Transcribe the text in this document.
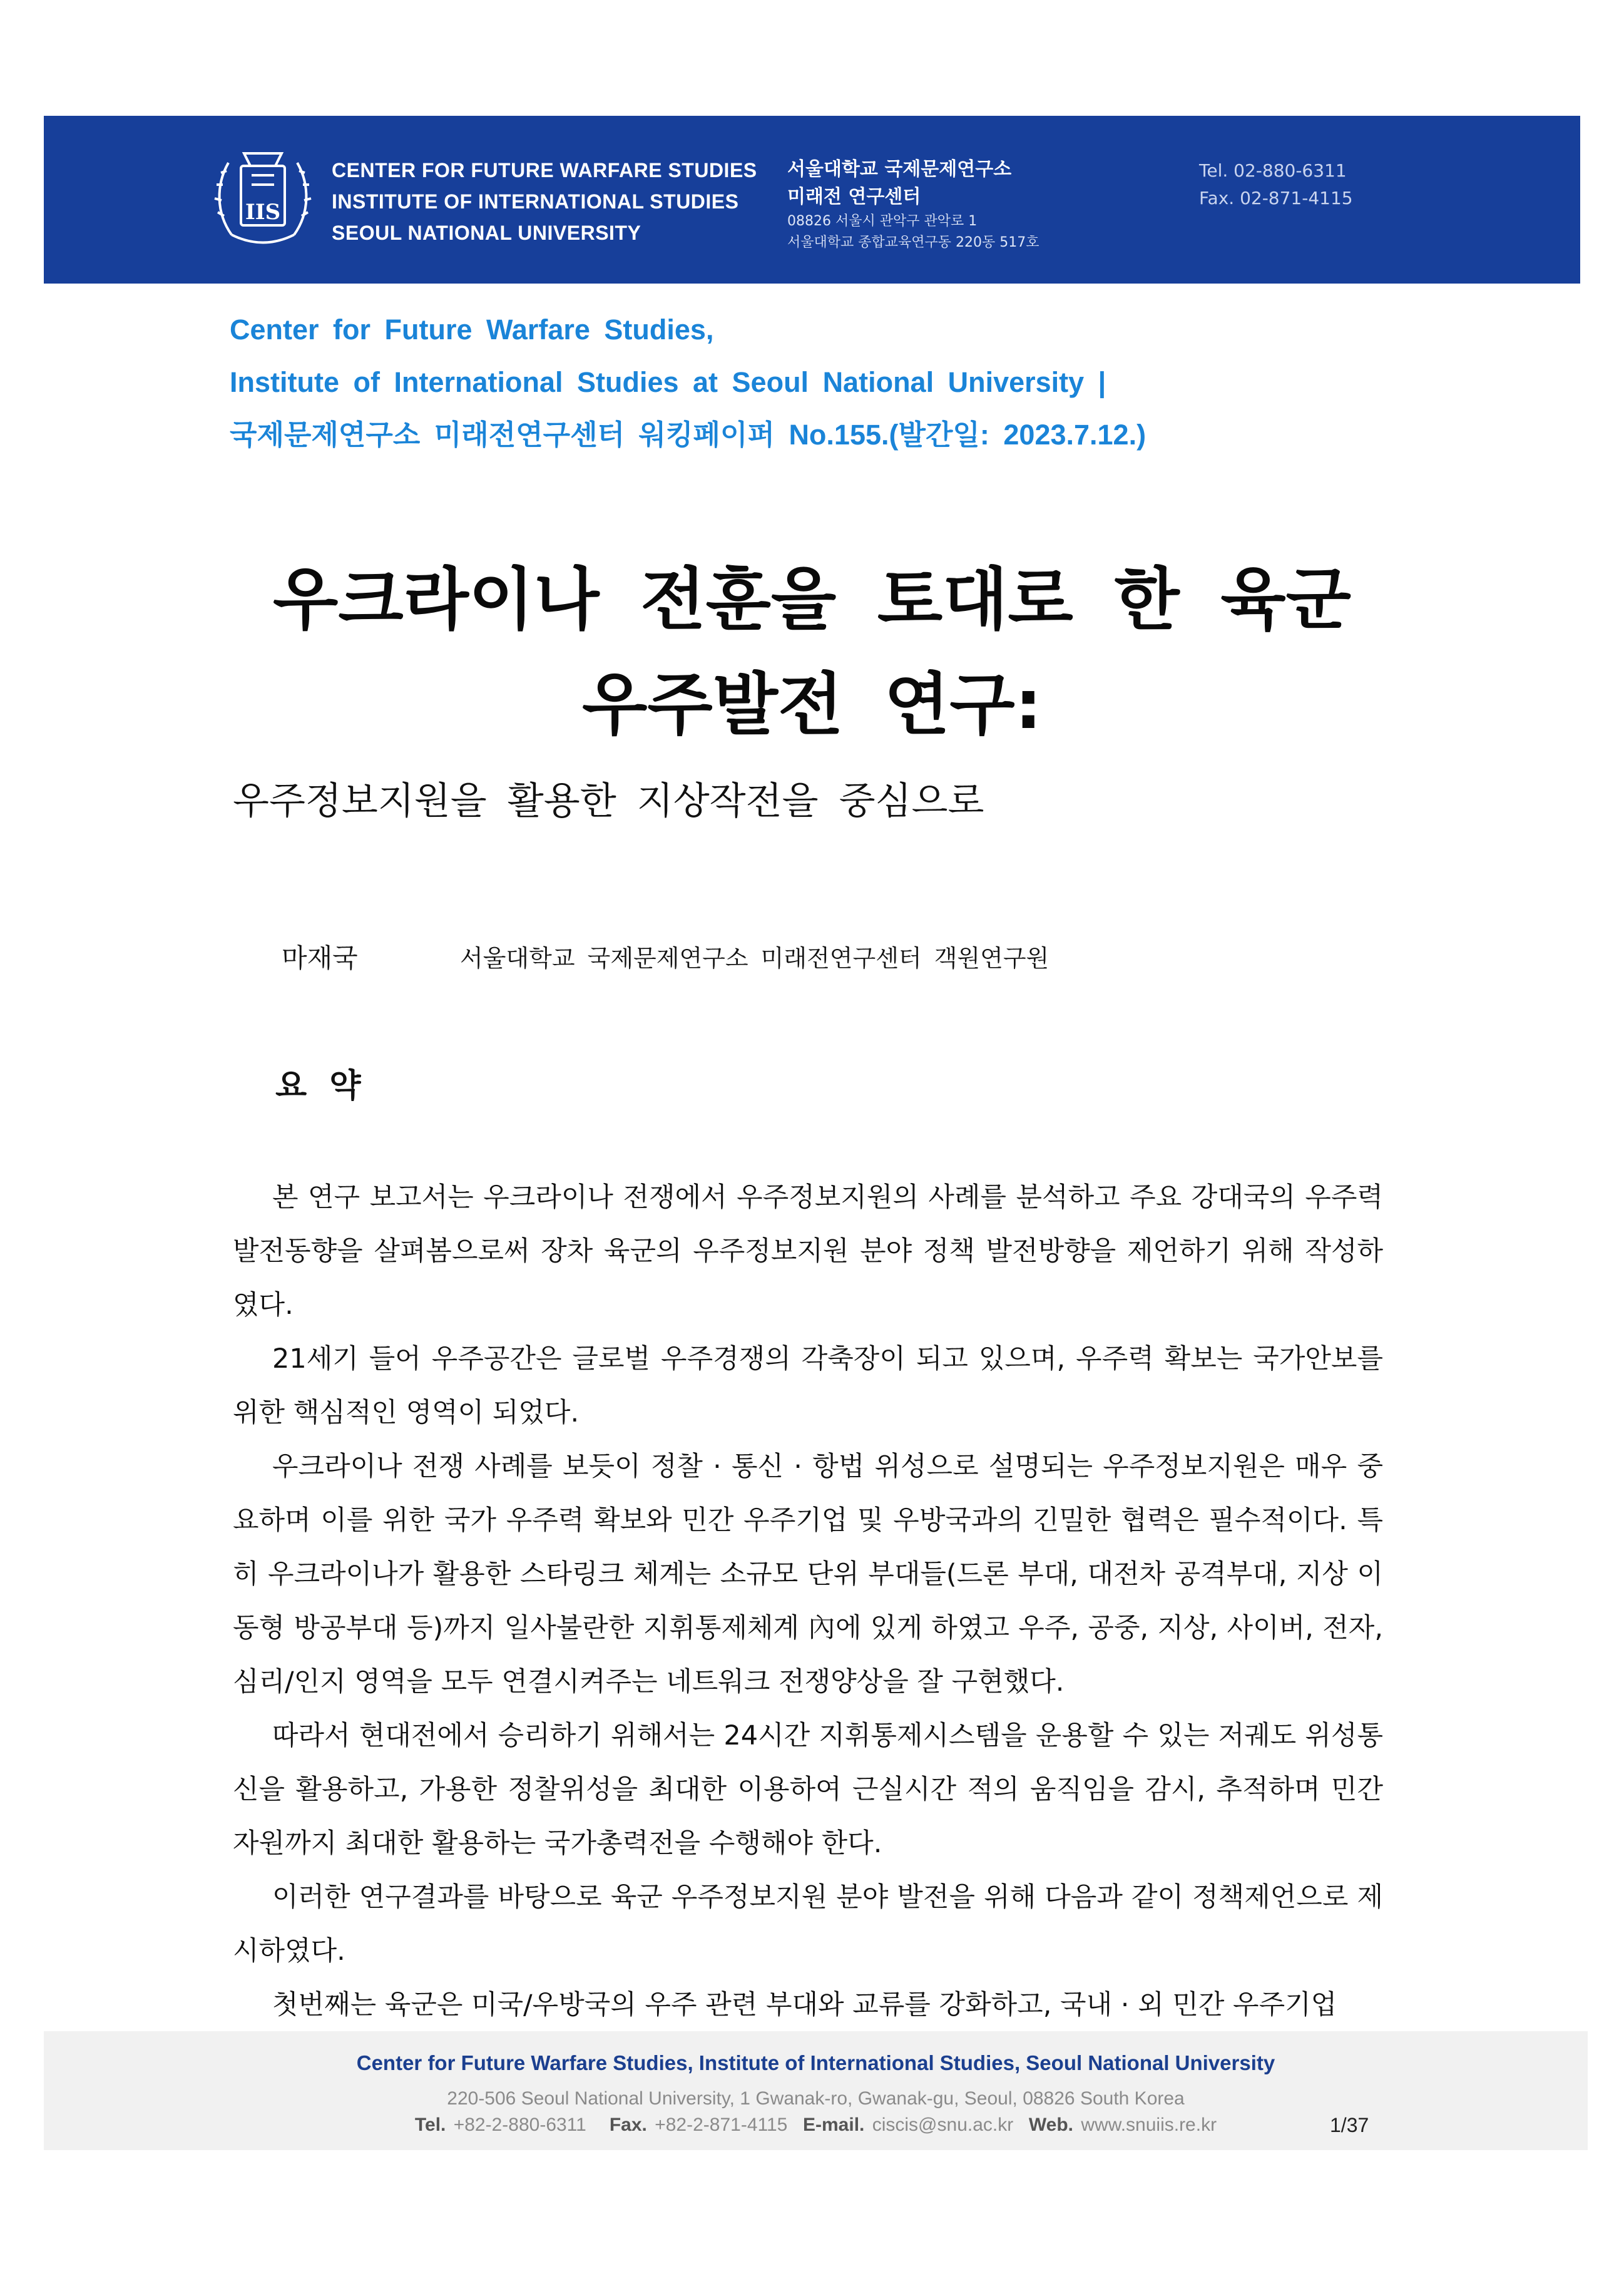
IIS
CENTER FOR FUTURE WARFARE STUDIES
INSTITUTE OF INTERNATIONAL STUDIES
SEOUL NATIONAL UNIVERSITY
서울대학교 국제문제연구소
미래전 연구센터
08826 서울시 관악구 관악로 1
서울대학교 종합교육연구동 220동 517호
Tel. 02-880-6311
Fax. 02-871-4115
Center for Future Warfare Studies,
Institute of International Studies at Seoul National University |
국제문제연구소 미래전연구센터 워킹페이퍼 No.155.(발간일: 2023.7.12.)
우크라이나 전훈을 토대로 한 육군
우주발전 연구:
우주정보지원을 활용한 지상작전을 중심으로
마재국	서울대학교 국제문제연구소 미래전연구센터 객원연구원
요 약

본 연구 보고서는 우크라이나 전쟁에서 우주정보지원의 사례를 분석하고 주요 강대국의 우주력 발전동향을 살펴봄으로써 장차 육군의 우주정보지원 분야 정책 발전방향을 제언하기 위해 작성하였다.

21세기 들어 우주공간은 글로벌 우주경쟁의 각축장이 되고 있으며, 우주력 확보는 국가안보를 위한 핵심적인 영역이 되었다.

우크라이나 전쟁 사례를 보듯이 정찰 · 통신 · 항법 위성으로 설명되는 우주정보지원은 매우 중요하며 이를 위한 국가 우주력 확보와 민간 우주기업 및 우방국과의 긴밀한 협력은 필수적이다. 특히 우크라이나가 활용한 스타링크 체계는 소규모 단위 부대들(드론 부대, 대전차 공격부대, 지상 이동형 방공부대 등)까지 일사불란한 지휘통제체계 內에 있게 하였고 우주, 공중, 지상, 사이버, 전자, 심리/인지 영역을 모두 연결시켜주는 네트워크 전쟁양상을 잘 구현했다.

따라서 현대전에서 승리하기 위해서는 24시간 지휘통제시스템을 운용할 수 있는 저궤도 위성통신을 활용하고, 가용한 정찰위성을 최대한 이용하여 근실시간 적의 움직임을 감시, 추적하며 민간 자원까지 최대한 활용하는 국가총력전을 수행해야 한다.

이러한 연구결과를 바탕으로 육군 우주정보지원 분야 발전을 위해 다음과 같이 정책제언으로 제시하였다.

첫번째는 육군은 미국/우방국의 우주 관련 부대와 교류를 강화하고, 국내 · 외 민간 우주기업

Center for Future Warfare Studies, Institute of International Studies, Seoul National University
220-506 Seoul National University, 1 Gwanak-ro, Gwanak-gu, Seoul, 08826 South Korea
Tel. +82-2-880-6311 Fax. +82-2-871-4115 E-mail. ciscis@snu.ac.kr Web. www.snuiis.re.kr	1/37
